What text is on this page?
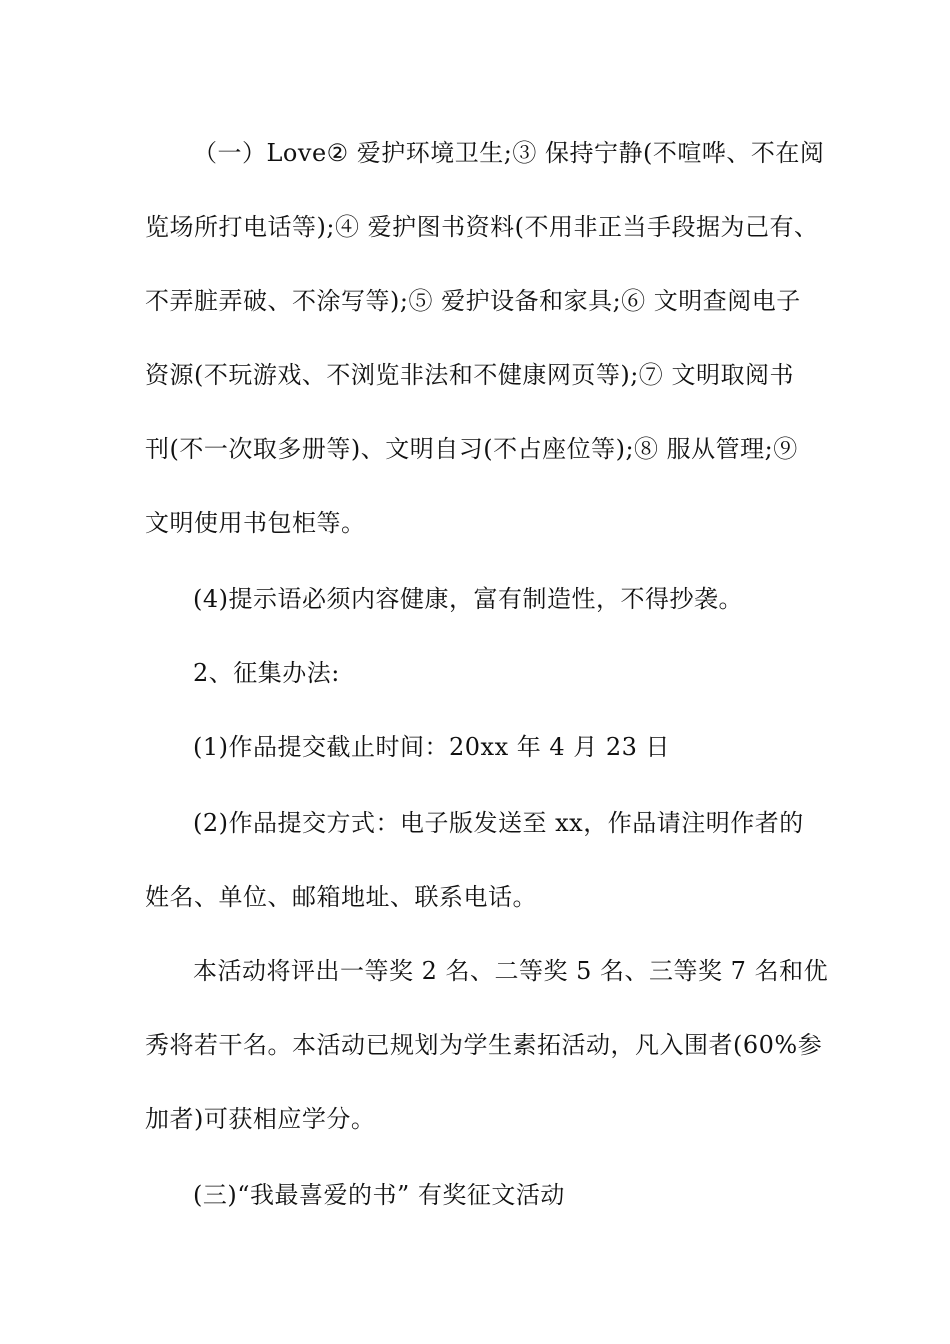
（一）Love② 爱护环境卫生;③ 保持宁静(不喧哗、不在阅
览场所打电话等);④ 爱护图书资料(不用非正当手段据为己有、
不弄脏弄破、不涂写等);⑤ 爱护设备和家具;⑥ 文明查阅电子
资源(不玩游戏、不浏览非法和不健康网页等);⑦ 文明取阅书
刊(不一次取多册等)、文明自习(不占座位等);⑧ 服从管理;⑨
文明使用书包柜等。
(4)提示语必须内容健康，富有制造性，不得抄袭。
2、征集办法:
(1)作品提交截止时间：20xx 年 4 月 23 日
(2)作品提交方式：电子版发送至 xx，作品请注明作者的
姓名、单位、邮箱地址、联系电话。
本活动将评出一等奖 2 名、二等奖 5 名、三等奖 7 名和优
秀将若干名。本活动已规划为学生素拓活动，凡入围者(60%参
加者)可获相应学分。
(三)“我最喜爱的书” 有奖征文活动
